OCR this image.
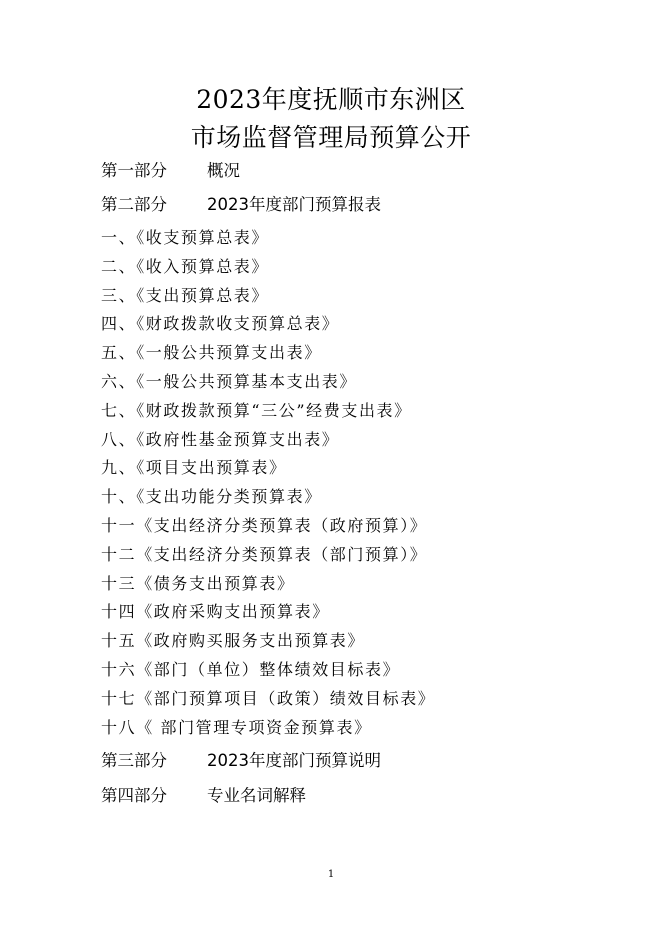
2023年度抚顺市东洲区
市场监督管理局预算公开
第一部分	概况
第二部分	2023年度部门预算报表
一、《收支预算总表》
二、《收入预算总表》
三、《支出预算总表》
四、《财政拨款收支预算总表》
五、《一般公共预算支出表》
六、《一般公共预算基本支出表》
七、《财政拨款预算“三公”经费支出表》
八、《政府性基金预算支出表》
九、《项目支出预算表》
十、《支出功能分类预算表》
十一《支出经济分类预算表（政府预算）》
十二《支出经济分类预算表（部门预算）》
十三《债务支出预算表》
十四《政府采购支出预算表》
十五《政府购买服务支出预算表》
十六《部门（单位）整体绩效目标表》
十七《部门预算项目（政策）绩效目标表》
十八《 部门管理专项资金预算表》
第三部分	2023年度部门预算说明
第四部分	专业名词解释
1
